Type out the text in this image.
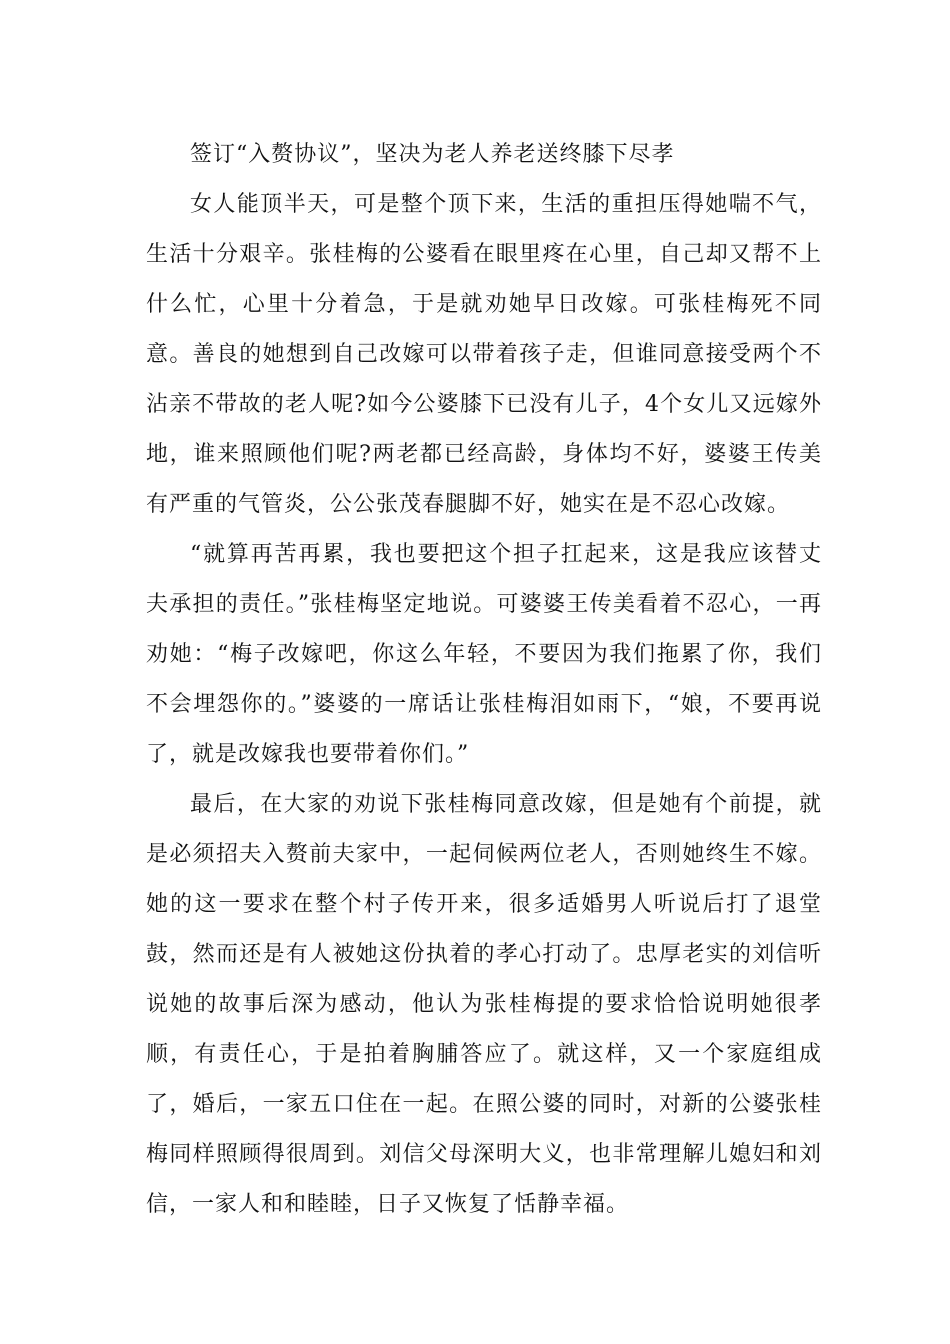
签订“入赘协议”，坚决为老人养老送终膝下尽孝

女人能顶半天，可是整个顶下来，生活的重担压得她喘不气，生活十分艰辛。张桂梅的公婆看在眼里疼在心里，自己却又帮不上什么忙，心里十分着急，于是就劝她早日改嫁。可张桂梅死不同意。善良的她想到自己改嫁可以带着孩子走，但谁同意接受两个不沾亲不带故的老人呢?如今公婆膝下已没有儿子，4个女儿又远嫁外地，谁来照顾他们呢?两老都已经高龄，身体均不好，婆婆王传美有严重的气管炎，公公张茂春腿脚不好，她实在是不忍心改嫁。

“就算再苦再累，我也要把这个担子扛起来，这是我应该替丈夫承担的责任。”张桂梅坚定地说。可婆婆王传美看着不忍心，一再劝她：“梅子改嫁吧，你这么年轻，不要因为我们拖累了你，我们不会埋怨你的。”婆婆的一席话让张桂梅泪如雨下，“娘，不要再说了，就是改嫁我也要带着你们。”

最后，在大家的劝说下张桂梅同意改嫁，但是她有个前提，就是必须招夫入赘前夫家中，一起伺候两位老人，否则她终生不嫁。她的这一要求在整个村子传开来，很多适婚男人听说后打了退堂鼓，然而还是有人被她这份执着的孝心打动了。忠厚老实的刘信听说她的故事后深为感动，他认为张桂梅提的要求恰恰说明她很孝顺，有责任心，于是拍着胸脯答应了。就这样，又一个家庭组成了，婚后，一家五口住在一起。在照公婆的同时，对新的公婆张桂梅同样照顾得很周到。刘信父母深明大义，也非常理解儿媳妇和刘信，一家人和和睦睦，日子又恢复了恬静幸福。
